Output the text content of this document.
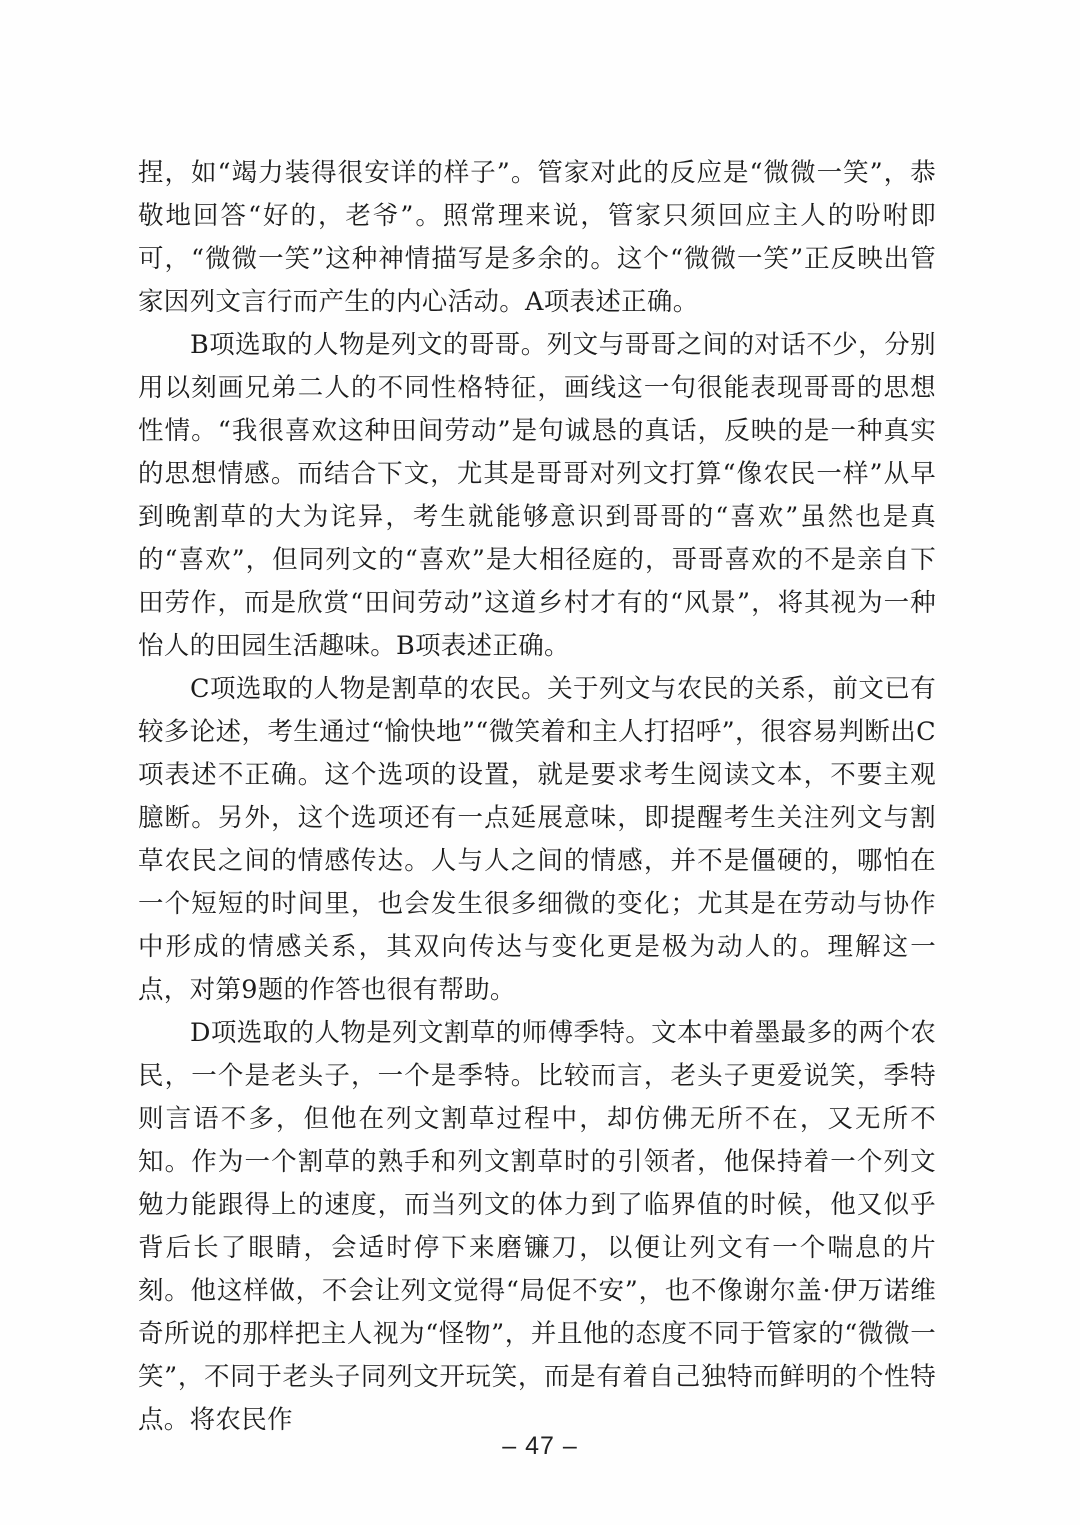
捏，如“竭力装得很安详的样子”。管家对此的反应是“微微一笑”，恭敬地回答“好的，老爷”。照常理来说，管家只须回应主人的吩咐即可，“微微一笑”这种神情描写是多余的。这个“微微一笑”正反映出管家因列文言行而产生的内心活动。A项表述正确。

B项选取的人物是列文的哥哥。列文与哥哥之间的对话不少，分别用以刻画兄弟二人的不同性格特征，画线这一句很能表现哥哥的思想性情。“我很喜欢这种田间劳动”是句诚恳的真话，反映的是一种真实的思想情感。而结合下文，尤其是哥哥对列文打算“像农民一样”从早到晚割草的大为诧异，考生就能够意识到哥哥的“喜欢”虽然也是真的“喜欢”，但同列文的“喜欢”是大相径庭的，哥哥喜欢的不是亲自下田劳作，而是欣赏“田间劳动”这道乡村才有的“风景”，将其视为一种怡人的田园生活趣味。B项表述正确。

C项选取的人物是割草的农民。关于列文与农民的关系，前文已有较多论述，考生通过“愉快地”“微笑着和主人打招呼”，很容易判断出C项表述不正确。这个选项的设置，就是要求考生阅读文本，不要主观臆断。另外，这个选项还有一点延展意味，即提醒考生关注列文与割草农民之间的情感传达。人与人之间的情感，并不是僵硬的，哪怕在一个短短的时间里，也会发生很多细微的变化；尤其是在劳动与协作中形成的情感关系，其双向传达与变化更是极为动人的。理解这一点，对第9题的作答也很有帮助。

D项选取的人物是列文割草的师傅季特。文本中着墨最多的两个农民，一个是老头子，一个是季特。比较而言，老头子更爱说笑，季特则言语不多，但他在列文割草过程中，却仿佛无所不在，又无所不知。作为一个割草的熟手和列文割草时的引领者，他保持着一个列文勉力能跟得上的速度，而当列文的体力到了临界值的时候，他又似乎背后长了眼睛，会适时停下来磨镰刀，以便让列文有一个喘息的片刻。他这样做，不会让列文觉得“局促不安”，也不像谢尔盖·伊万诺维奇所说的那样把主人视为“怪物”，并且他的态度不同于管家的“微微一笑”，不同于老头子同列文开玩笑，而是有着自己独特而鲜明的个性特点。将农民作

– 47 –
